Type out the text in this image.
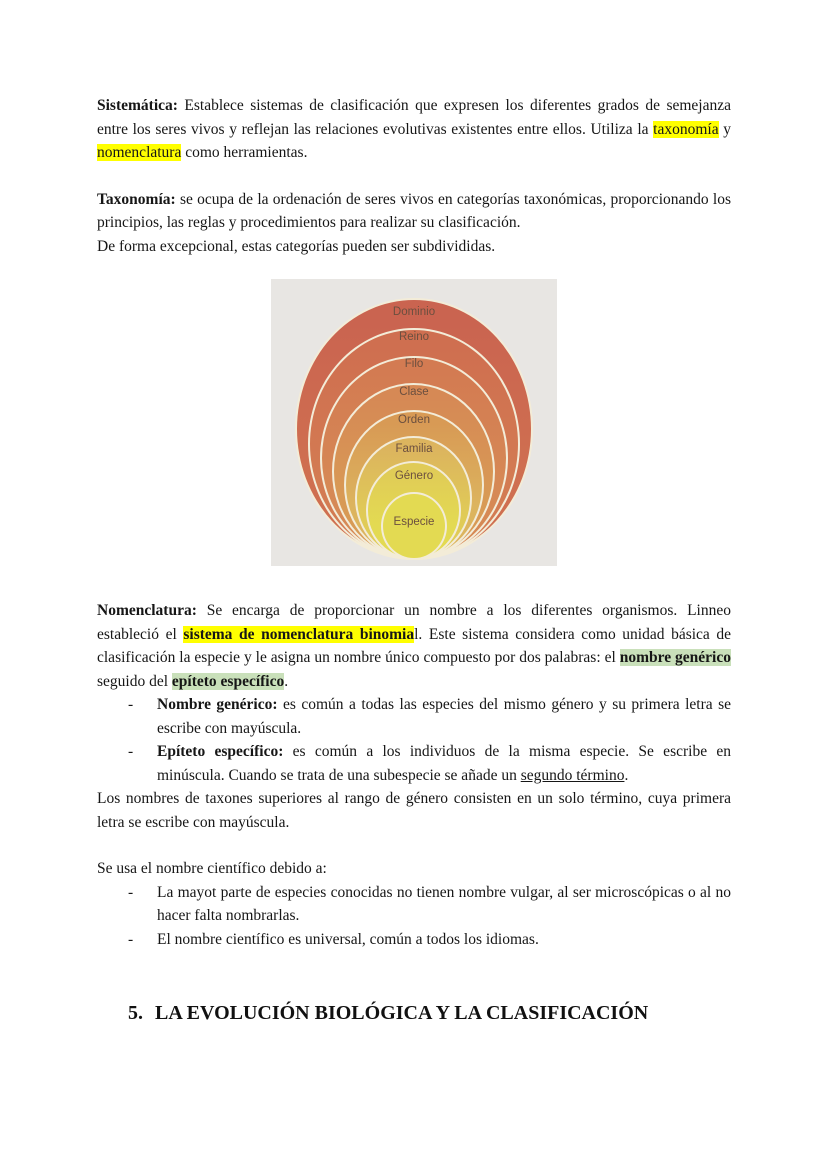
Sistemática: Establece sistemas de clasificación que expresen los diferentes grados de semejanza entre los seres vivos y reflejan las relaciones evolutivas existentes entre ellos. Utiliza la taxonomía y nomenclatura como herramientas.

Taxonomía: se ocupa de la ordenación de seres vivos en categorías taxonómicas, proporcionando los principios, las reglas y procedimientos para realizar su clasificación.

De forma excepcional, estas categorías pueden ser subdivididas.

Dominio
Reino
Filo
Clase
Orden
Familia
Género
Especie

Nomenclatura: Se encarga de proporcionar un nombre a los diferentes organismos. Linneo estableció el sistema de nomenclatura binomial. Este sistema considera como unidad básica de clasificación la especie y le asigna un nombre único compuesto por dos palabras: el nombre genérico seguido del epíteto específico.

- Nombre genérico: es común a todas las especies del mismo género y su primera letra se escribe con mayúscula.
- Epíteto específico: es común a los individuos de la misma especie. Se escribe en minúscula. Cuando se trata de una subespecie se añade un segundo término.

Los nombres de taxones superiores al rango de género consisten en un solo término, cuya primera letra se escribe con mayúscula.

Se usa el nombre científico debido a:

- La mayot parte de especies conocidas no tienen nombre vulgar, al ser microscópicas o al no hacer falta nombrarlas.
- El nombre científico es universal, común a todos los idiomas.
5. LA EVOLUCIÓN BIOLÓGICA Y LA CLASIFICACIÓN
